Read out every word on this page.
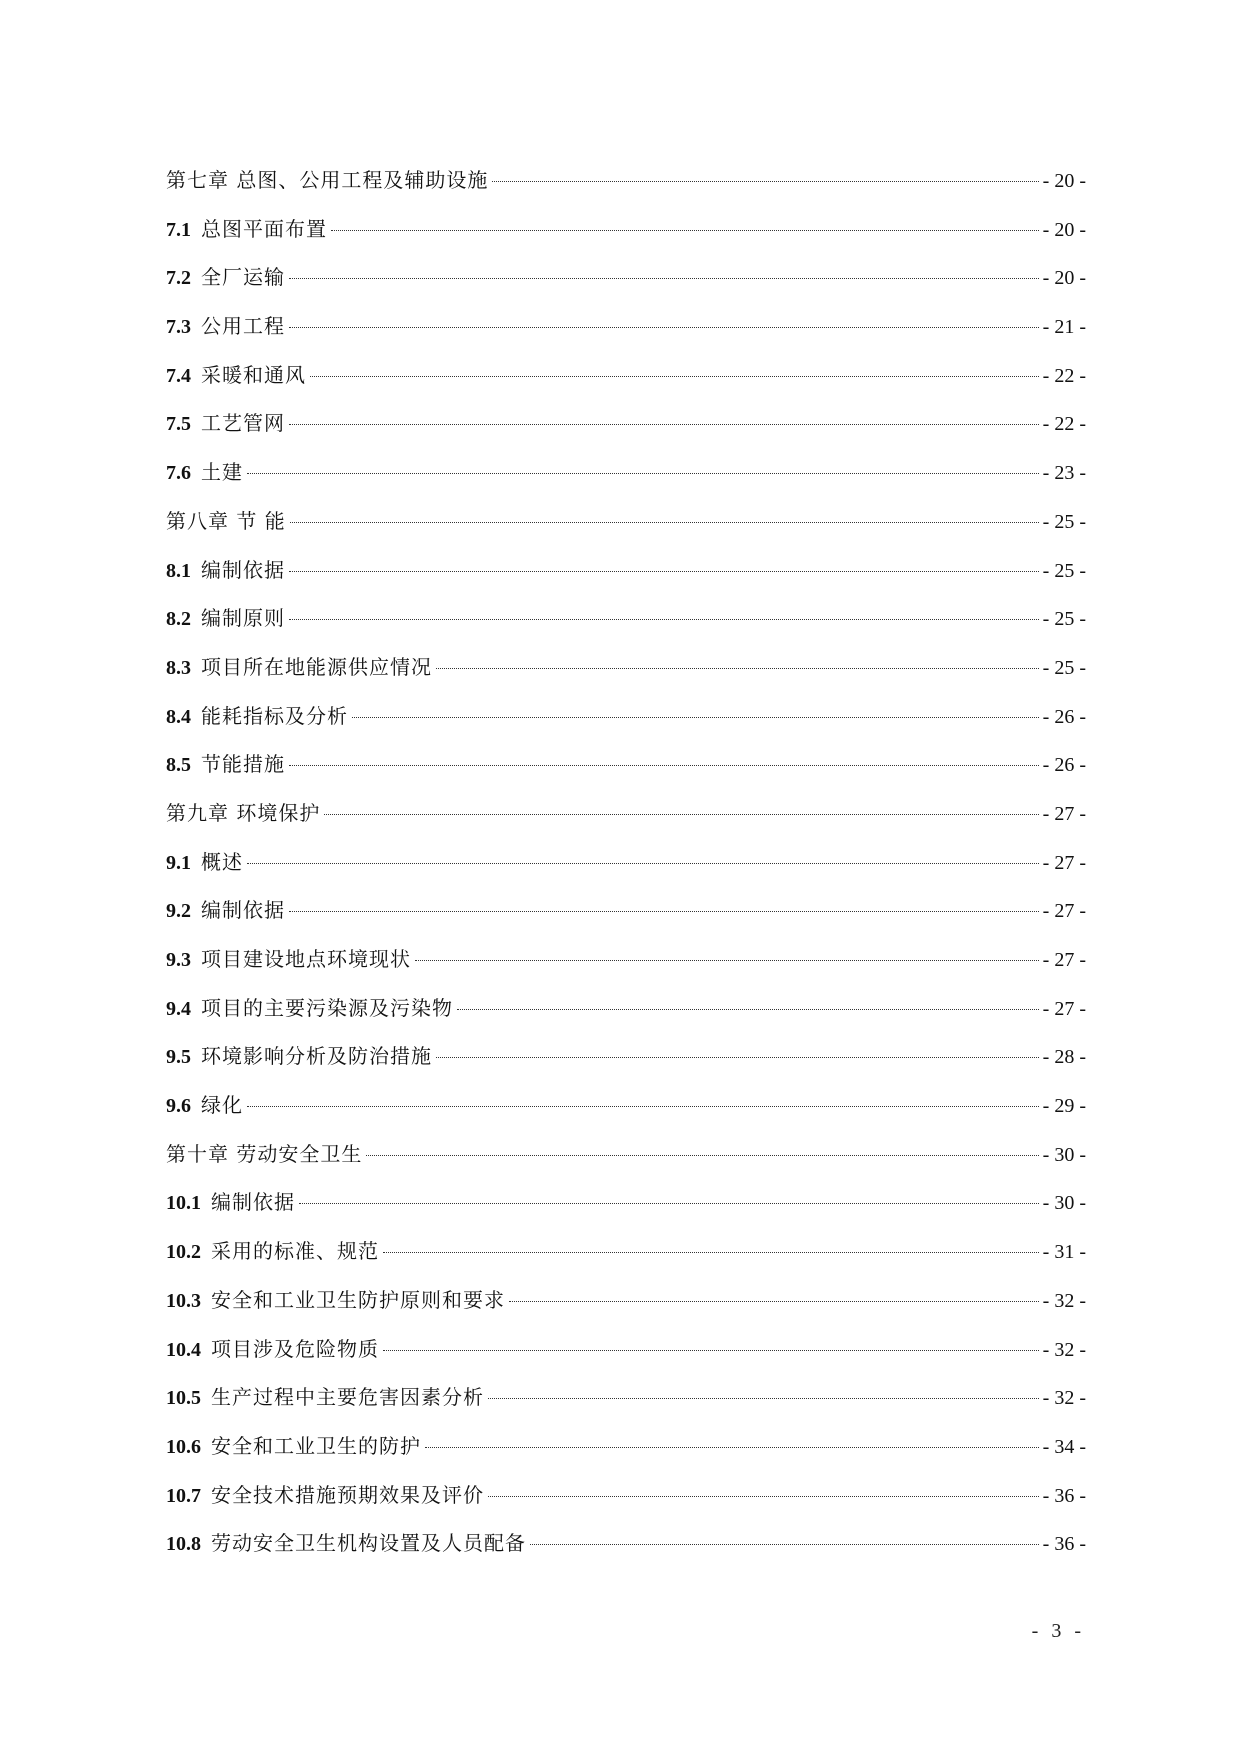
第七章 总图、公用工程及辅助设施	- 20 -
7.1 总图平面布置	- 20 -
7.2 全厂运输	- 20 -
7.3 公用工程	- 21 -
7.4 采暖和通风	- 22 -
7.5 工艺管网	- 22 -
7.6 土建	- 23 -
第八章 节 能	- 25 -
8.1 编制依据	- 25 -
8.2 编制原则	- 25 -
8.3 项目所在地能源供应情况	- 25 -
8.4 能耗指标及分析	- 26 -
8.5 节能措施	- 26 -
第九章 环境保护	- 27 -
9.1 概述	- 27 -
9.2 编制依据	- 27 -
9.3 项目建设地点环境现状	- 27 -
9.4 项目的主要污染源及污染物	- 27 -
9.5 环境影响分析及防治措施	- 28 -
9.6 绿化	- 29 -
第十章 劳动安全卫生	- 30 -
10.1 编制依据	- 30 -
10.2 采用的标准、规范	- 31 -
10.3 安全和工业卫生防护原则和要求	- 32 -
10.4 项目涉及危险物质	- 32 -
10.5 生产过程中主要危害因素分析	- 32 -
10.6 安全和工业卫生的防护	- 34 -
10.7 安全技术措施预期效果及评价	- 36 -
10.8 劳动安全卫生机构设置及人员配备	- 36 -
- 3 -
